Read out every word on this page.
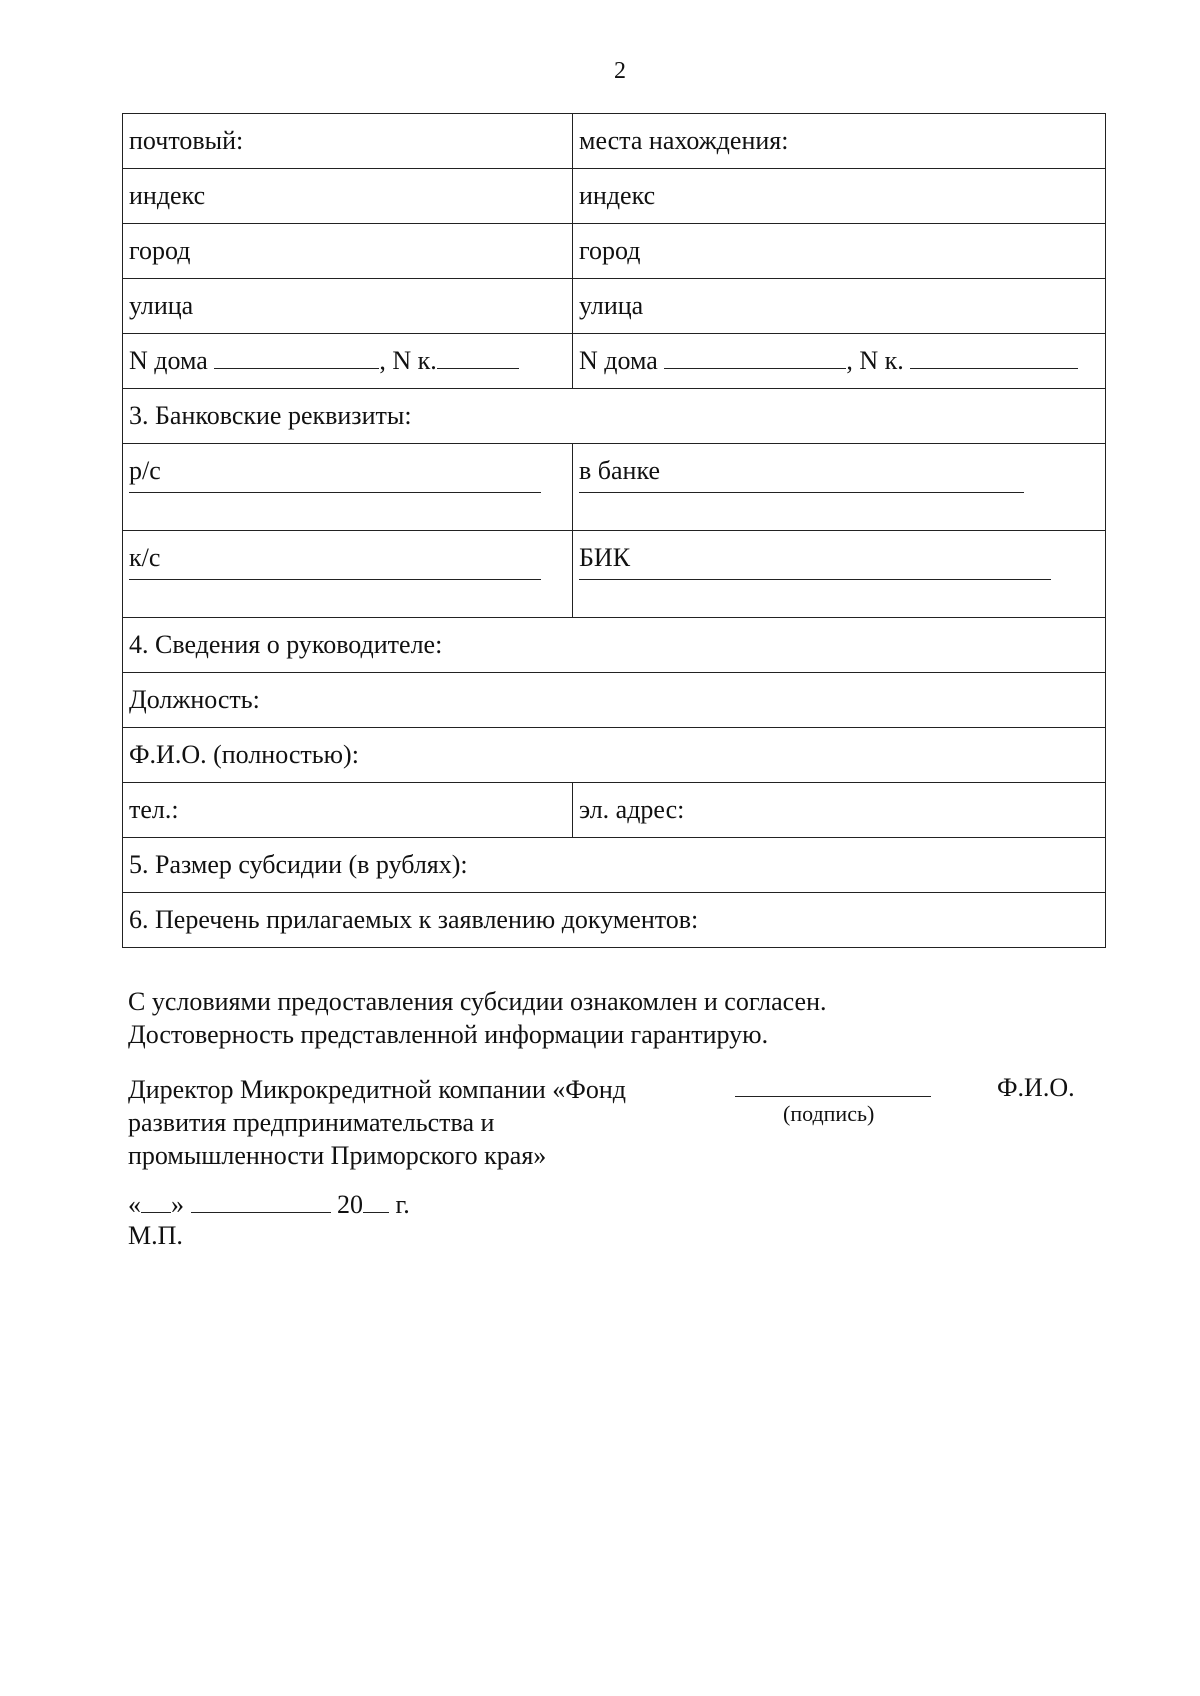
2
почтовый:	места нахождения:
индекс	индекс
город	город
улица	улица
N дома , N к.	N дома , N к.
3. Банковские реквизиты:	
р/с	в банке

к/с	БИК

4. Сведения о руководителе:	
Должность:	
Ф.И.О. (полностью):	
тел.:	эл. адрес:
5. Размер субсидии (в рублях):	
6. Перечень прилагаемых к заявлению документов:	
С условиями предоставления субсидии ознакомлен и согласен.
Достоверность представленной информации гарантирую.
Директор Микрокредитной компании «Фонд
развития предпринимательства и
промышленности Приморского края»
(подпись)
Ф.И.О.
« »	20 г.
М.П.
